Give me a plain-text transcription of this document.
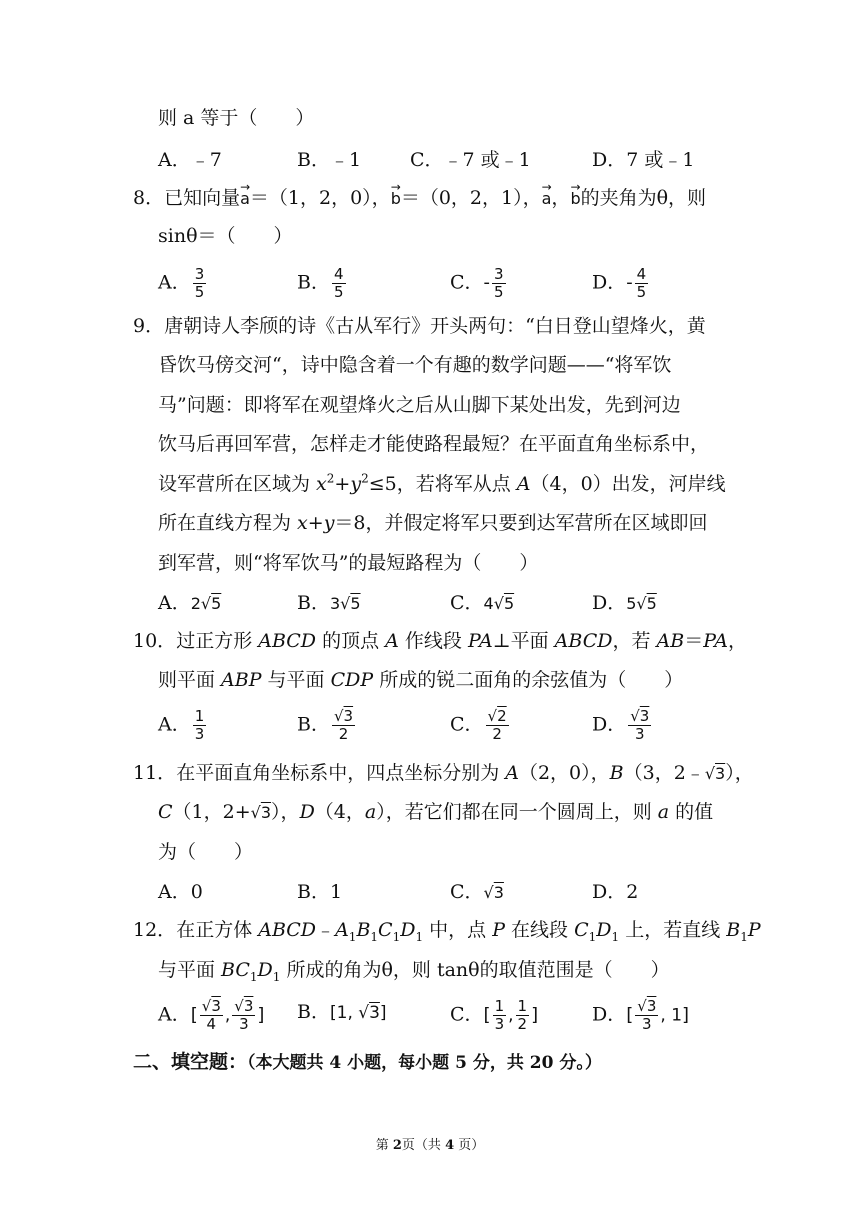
则 a 等于（　　）
A．﹣7	B．﹣1	C．﹣7 或﹣1	D．7 或﹣1
8．已知向量→ a＝（1，2，0），→ b＝（0，2，1），→ a，→ b的夹角为θ，则
sinθ＝（　　）
A． $\frac{3}{5}$	B． $\frac{4}{5}$	C．- $\frac{3}{5}$	D．- $\frac{4}{5}$
9．唐朝诗人李颀的诗《古从军行》开头两句：“白日登山望烽火，黄
昏饮马傍交河“，诗中隐含着一个有趣的数学问题——“将军饮
马”问题：即将军在观望烽火之后从山脚下某处出发，先到河边
饮马后再回军营，怎样走才能使路程最短？在平面直角坐标系中，
设军营所在区域为 $x^2+y^2\le 5$，若将军从点 A（4，0）出发，河岸线
所在直线方程为 x+y＝8，并假定将军只要到达军营所在区域即回
到军营，则“将军饮马”的最短路程为（　　）
A．2√5	B．3√5	C．4√5	D．5√5
10．过正方形 ABCD 的顶点 A 作线段 PA⊥平面 ABCD，若 AB＝PA，
则平面 ABP 与平面 CDP 所成的锐二面角的余弦值为（　　）
A． $\frac{1}{3}$	B． $\frac{√3}{2}$	C． $\frac{√2}{2}$	D． $\frac{√3}{3}$
11．在平面直角坐标系中，四点坐标分别为 A（2，0），B（3，2﹣√3），
C（1，2+√3），D（4，a），若它们都在同一个圆周上，则 a 的值
为（　　）
A．0	B．1	C．√3	D．2
12．在正方体 $ABCD﹣A_1B_1C_1D_1$ 中，点 P 在线段 $C_1D_1$ 上，若直线 $B_1P$
与平面 $BC_1D_1$ 所成的角为θ，则 tanθ的取值范围是（　　）
A．[ $\frac{√3}{4}$ , $\frac{√3}{3}$ ] B．[1, √3]	C．[ $\frac{1}{3}$ , $\frac{1}{2}$ ]	D．[ $\frac{√3}{3}$ , 1]
二、填空题：（本大题共 4 小题，每小题 5 分，共 20 分。）
第 2页（共 4 页）
